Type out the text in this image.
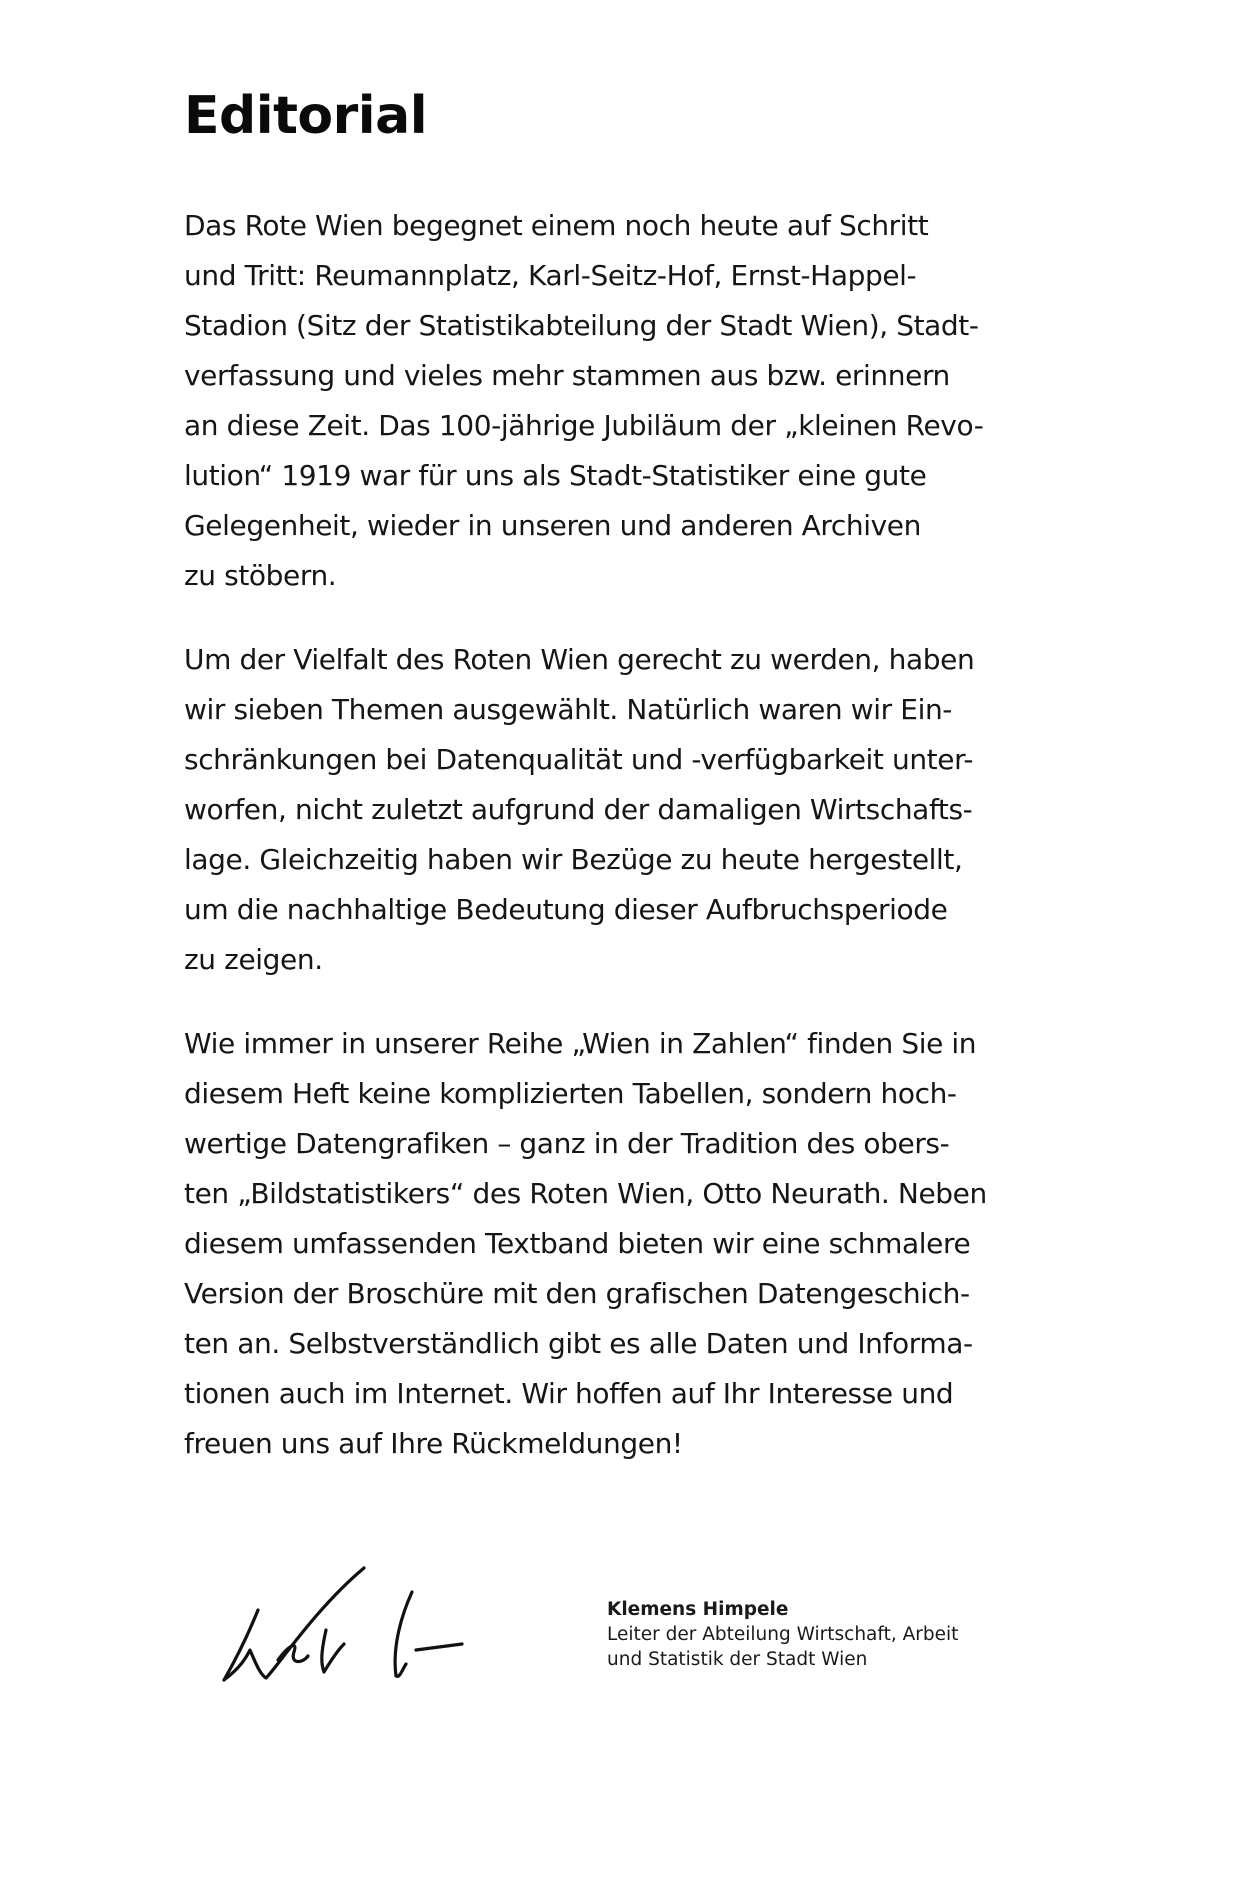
Editorial

Das Rote Wien begegnet einem noch heute auf Schritt
und Tritt: Reumannplatz, Karl-Seitz-Hof, Ernst-Happel-
Stadion (Sitz der Statistikabteilung der Stadt Wien), Stadt-
verfassung und vieles mehr stammen aus bzw. erinnern
an diese Zeit. Das 100-jährige Jubiläum der „kleinen Revo-
lution“ 1919 war für uns als Stadt-Statistiker eine gute
Gelegenheit, wieder in unseren und anderen Archiven
zu stöbern.

Um der Vielfalt des Roten Wien gerecht zu werden, haben
wir sieben Themen ausgewählt. Natürlich waren wir Ein-
schränkungen bei Datenqualität und -verfügbarkeit unter-
worfen, nicht zuletzt aufgrund der damaligen Wirtschafts-
lage. Gleichzeitig haben wir Bezüge zu heute hergestellt,
um die nachhaltige Bedeutung dieser Aufbruchsperiode
zu zeigen.

Wie immer in unserer Reihe „Wien in Zahlen“ finden Sie in
diesem Heft keine komplizierten Tabellen, sondern hoch-
wertige Datengrafiken – ganz in der Tradition des obers-
ten „Bildstatistikers“ des Roten Wien, Otto Neurath. Neben
diesem umfassenden Textband bieten wir eine schmalere
Version der Broschüre mit den grafischen Datengeschich-
ten an. Selbstverständlich gibt es alle Daten und Informa-
tionen auch im Internet. Wir hoffen auf Ihr Interesse und
freuen uns auf Ihre Rückmeldungen!

Klemens Himpele
Leiter der Abteilung Wirtschaft, Arbeit
und Statistik der Stadt Wien
